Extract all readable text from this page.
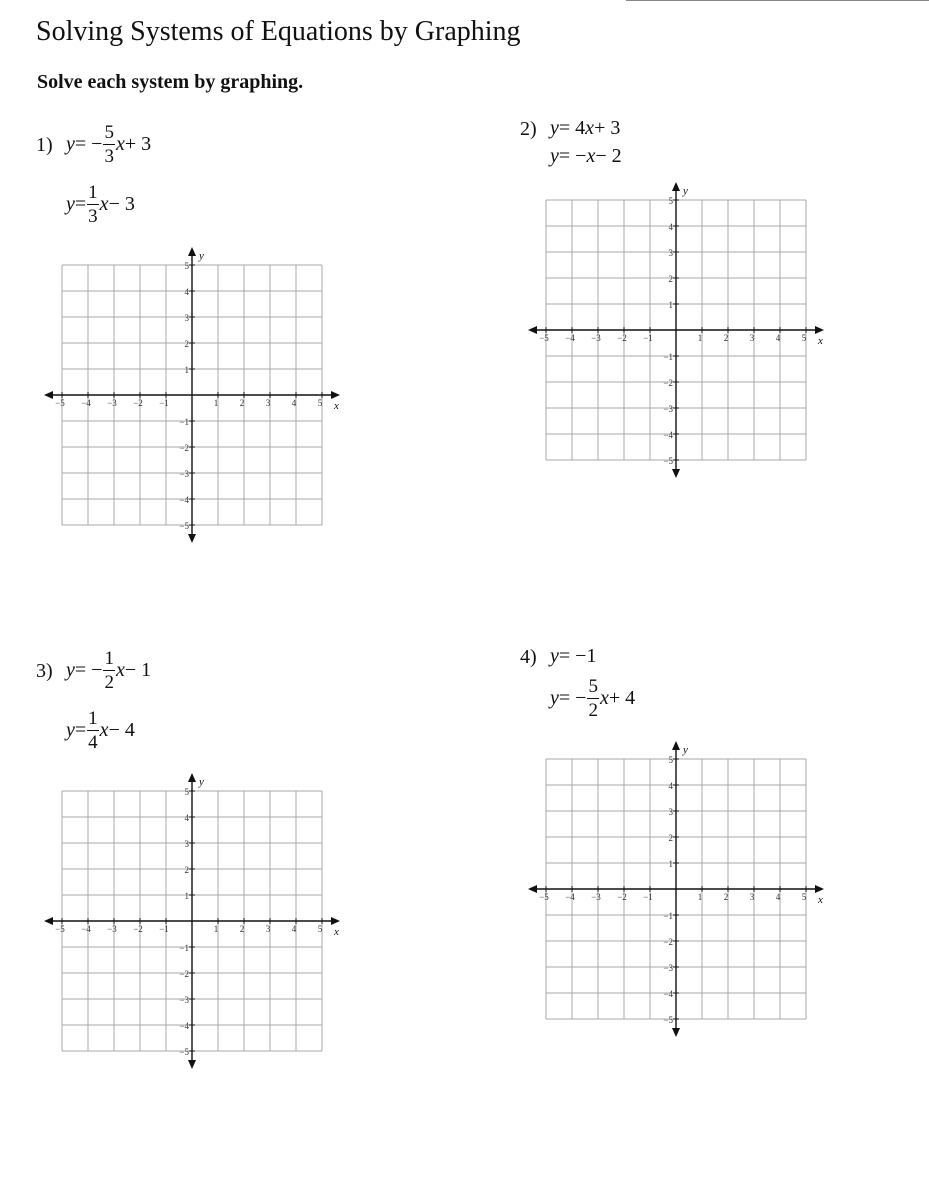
Solving Systems of Equations by Graphing
Solve each system by graphing.
1) y = − $\frac{5}{3}$ x + 3
$y = \frac{1}{3}$ x − 3
−5 −4 −3 −2 −1	1 2 3 4 5
5
4
3
2
1
−1
−2
−3
−4
−5
x
y
2) y = 4 x + 3
y = − x − 2
−5 −4 −3 −2 −1	1 2 3 4 5
5
4
3
2
1
−1
−2
−3
−4
−5
x
y
3) y = − $\frac{1}{2}$ x − 1
$y = \frac{1}{4}$ x − 4
−5 −4 −3 −2 −1	1 2 3 4 5
5
4
3
2
1
−1
−2
−3
−4
−5
x
y
4) y = −1
y = − $\frac{5}{2}$ x + 4
−5 −4 −3 −2 −1	1 2 3 4 5
5
4
3
2
1
−1
−2
−3
−4
−5
x
y
